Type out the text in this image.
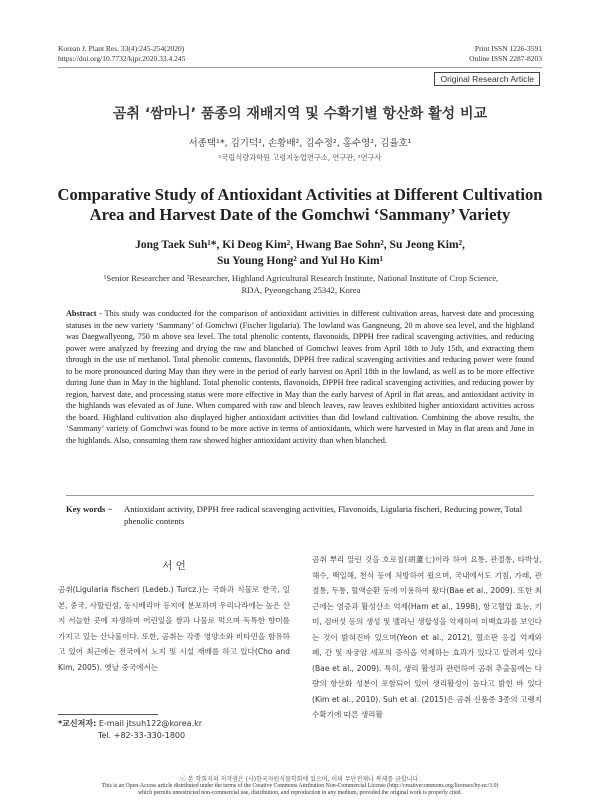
Korean J. Plant Res. 33(4):245-254(2020)
https://doi.org/10.7732/kjpr.2020.33.4.245
Print ISSN 1226-3591
Online ISSN 2287-8203
Original Research Article
곰취 ‘쌈마니’ 품종의 재배지역 및 수확기별 항산화 활성 비교
서종택¹*, 김기덕², 손황배², 김수정², 홍수영², 김율호¹
¹국립식량과학원 고령지농업연구소, 연구관, ²연구사
Comparative Study of Antioxidant Activities at Different Cultivation
Area and Harvest Date of the Gomchwi ‘Sammany’ Variety
Jong Taek Suh¹*, Ki Deog Kim², Hwang Bae Sohn², Su Jeong Kim²,
Su Young Hong² and Yul Ho Kim¹
¹Senior Researcher and ²Researcher, Highland Agricultural Research Institute, National Institute of Crop Science,
RDA, Pyeongchang 25342, Korea
Abstract - This study was conducted for the comparison of antioxidant activities in different cultivation areas, harvest date and processing statuses in the new variety ‘Sammany’ of Gomchwi (Fischer ligularia). The lowland was Gangneung, 20 m above sea level, and the highland was Daegwallyeong, 750 m above sea level. The total phenolic contents, flavonoids, DPPH free radical scavenging activities, and reducing power were analyzed by freezing and drying the raw and blanched of Gomchwi leaves from April 18th to July 15th, and extracting them through in the use of methanol. Total phenolic contents, flavonoids, DPPH free radical scavenging activities and reducing power were found to be more pronounced during May than they were in the period of early harvest on April 18th in the lowland, as well as to be more effective during June than in May in the highland. Total phenolic contents, flavonoids, DPPH free radical scavenging activities, and reducing power by region, harvest date, and processing status were more effective in May than the early harvest of April in flat areas, and antioxidant activity in the highlands was elevated as of June. When compared with raw and blench leaves, raw leaves exhibited higher antioxidant activities across the board. Highland cultivation also displayed higher antioxidant activities than did lowland cultivation. Combining the above results, the ‘Sammany’ variety of Gomchwi was found to be more active in terms of antioxidants, which were harvested in May in flat areas and June in the highlands. Also, consuming them raw showed higher antioxidant activity than when blanched.
Key words −	Antioxidant activity, DPPH free radical scavenging activities, Flavonoids, Ligularia fischeri, Reducing power, Total phenolic contents
서 언
곰취(Ligularia fischeri (Ledeb.) Turcz.)는 국화과 식물로 한국, 일본, 중국, 사할린섬, 동시베리아 등지에 분포하며 우리나라에는 높은 산지 서늘한 곳에 자생하며 어린잎을 쌈과 나물로 먹으며 독특한 향미를 가지고 있는 산나물이다. 또한, 곰취는 각종 영양소와 비타민을 함유하고 있어 최근에는 전국에서 노지 및 시설 재배를 하고 있다(Cho and Kim, 2005). 옛날 중국에서는
곰취 뿌리 말린 것을 호로칠(胡蘆七)이라 하여 요통, 관절통, 타박상, 해수, 백일해, 천식 등에 처방하여 왔으며, 국내에서도 기침, 가래, 관절통, 두통, 혈액순환 등에 이용하여 왔다(Bae et al., 2009). 또한 최근에는 염증과 활성산소 억제(Ham et al., 1998), 항고혈압 효능, 기미, 검버섯 등의 생성 및 멜라닌 생합성을 억제하여 미백효과를 보인다는 것이 밝혀진바 있으며(Yeon et al., 2012), 혈소판 응집 억제와 폐, 간 및 자궁암 세포의 증식을 억제하는 효과가 있다고 알려져 있다(Bae et al., 2009). 특히, 생리 활성과 관련하여 곰취 추출물에는 다량의 항산화 성분이 포함되어 있어 생리활성이 높다고 밝힌 바 있다(Kim et al., 2010). Suh et al. (2015)은 곰취 신품종 3종의 고랭지 수확기에 따른 생리활
*교신저자: E-mail jtsuh122@korea.kr
Tel. +82-33-330-1800
ⓒ 본 학회지의 저작권은 (사)한국자원식물학회에 있으며, 이의 무단전재나 복제를 금합니다.
This is an Open-Access article distributed under the terms of the Creative Commons Attribution Non-Commercial License (http://creativecommons.org/licenses/by-nc/3.0)
which permits unrestricted non-commercial use, distribution, and reproduction in any medium, provided the original work is properly cited.
